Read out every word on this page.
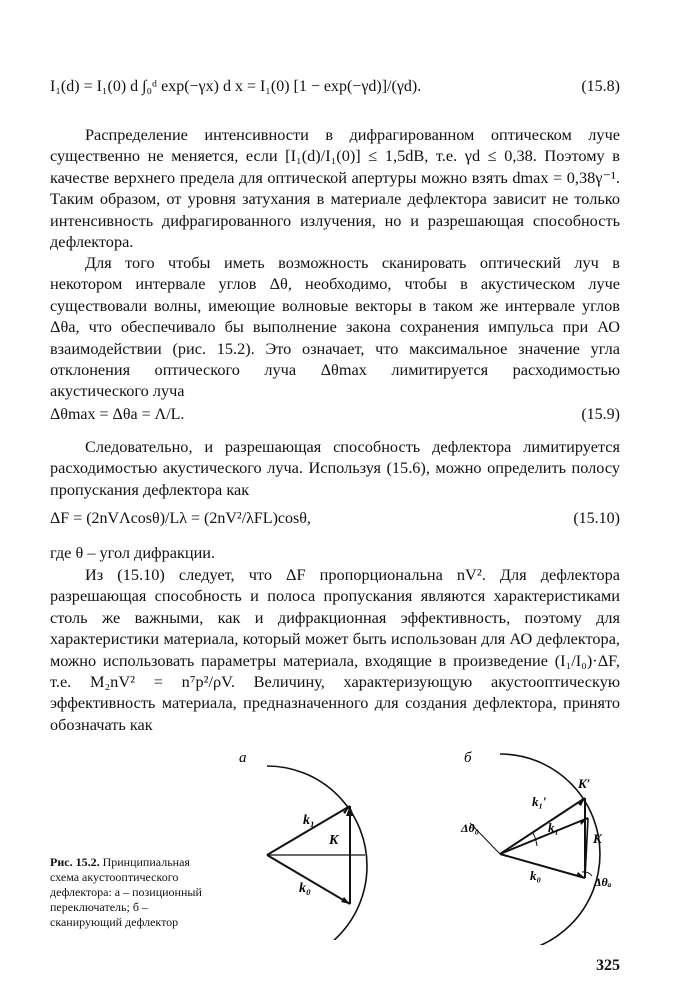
I₁(d) = I₁(0) d ∫₀ᵈ exp(−γx) d x = I₁(0) [1 − exp(−γd)]/(γd).	(15.8)
Распределение интенсивности в дифрагированном оптическом луче существенно не меняется, если [I₁(d)/I₁(0)] ≤ 1,5dB, т.е. γd ≤ 0,38. Поэтому в качестве верхнего предела для оптической апертуры можно взять dmax = 0,38γ⁻¹. Таким образом, от уровня затухания в материале дефлектора зависит не только интенсивность дифрагированного излучения, но и разрешающая способность дефлектора.
Для того чтобы иметь возможность сканировать оптический луч в некотором интервале углов Δθ, необходимо, чтобы в акустическом луче существовали волны, имеющие волновые векторы в таком же интервале углов Δθa, что обеспечивало бы выполнение закона сохранения импульса при АО взаимодействии (рис. 15.2). Это означает, что максимальное значение угла отклонения оптического луча Δθmax лимитируется расходимостью акустического луча
Δθmax = Δθa = Λ/L.	(15.9)
Следовательно, и разрешающая способность дефлектора лимитируется расходимостью акустического луча. Используя (15.6), можно определить полосу пропускания дефлектора как
ΔF = (2nVΛcosθ)/Lλ = (2nV²/λFL)cosθ,	(15.10)
где θ – угол дифракции.
Из (15.10) следует, что ΔF пропорциональна nV². Для дефлектора разрешающая способность и полоса пропускания являются характеристиками столь же важными, как и дифракционная эффективность, поэтому для характеристики материала, который может быть использован для АО дефлектора, можно использовать параметры материала, входящие в произведение (I₁/I₀)·ΔF, т.е. M₂nV² = n⁷p²/ρV. Величину, характеризующую акустооптическую эффективность материала, предназначенного для создания дефлектора, принято обозначать как
а
k₁
K
k₀
б
k₁′
K′
k₁
K
k₀
Δθ₀
Δθₐ
Рис. 15.2. Принципиальная схема акустооптического дефлектора: а – позиционный переключатель; б – сканирующий дефлектор
325
